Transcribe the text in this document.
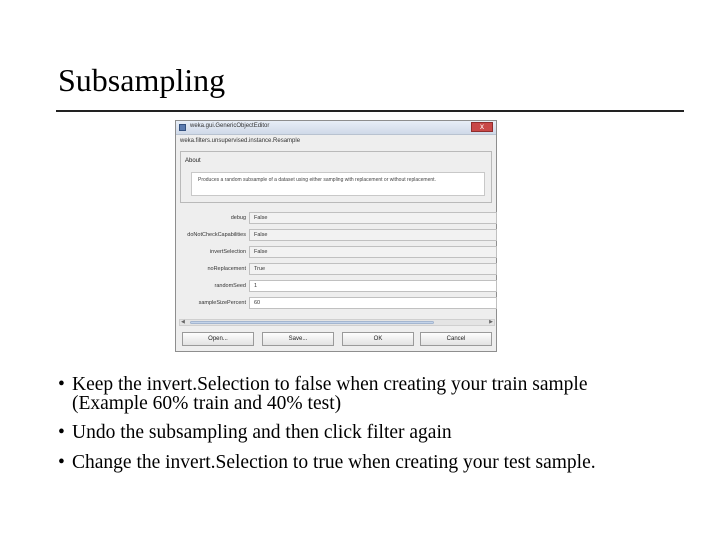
Subsampling
weka.gui.GenericObjectEditor	x
weka.filters.unsupervised.instance.Resample
About
Produces a random subsample of a dataset using either sampling with replacement or without replacement.
debug	False
doNotCheckCapabilities	False
invertSelection	False
noReplacement	True
randomSeed	1
sampleSizePercent	60
◀	▶
Open...	Save...	OK	Cancel
• Keep the invert.Selection to false when creating your train sample
(Example 60% train and 40% test)
• Undo the subsampling and then click filter again
• Change the invert.Selection to true when creating your test sample.
